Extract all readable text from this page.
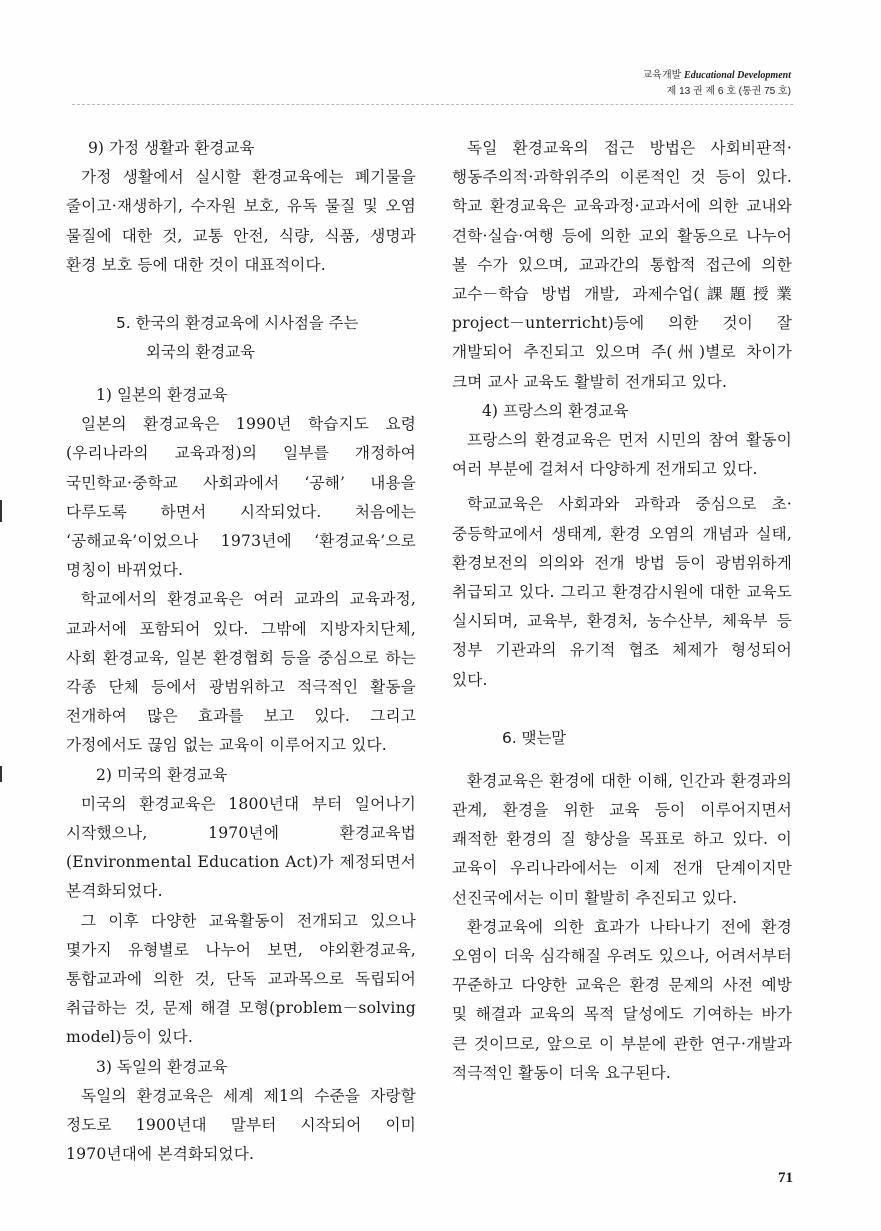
교육개발 Educational Development
제 13 권 제 6 호 (통권 75 호)

9) 가정 생활과 환경교육

가정 생활에서 실시할 환경교육에는 폐기물을 줄이고·재생하기, 수자원 보호, 유독 물질 및 오염 물질에 대한 것, 교통 안전, 식량, 식품, 생명과 환경 보호 등에 대한 것이 대표적이다.

5. 한국의 환경교육에 시사점을 주는
외국의 환경교육

1) 일본의 환경교육

일본의 환경교육은 1990년 학습지도 요령(우리나라의 교육과정)의 일부를 개정하여 국민학교·중학교 사회과에서 ‘공해’ 내용을 다루도록 하면서 시작되었다. 처음에는 ‘공해교육’이었으나 1973년에 ‘환경교육’으로 명칭이 바뀌었다.

학교에서의 환경교육은 여러 교과의 교육과정, 교과서에 포함되어 있다. 그밖에 지방자치단체, 사회 환경교육, 일본 환경협회 등을 중심으로 하는 각종 단체 등에서 광범위하고 적극적인 활동을 전개하여 많은 효과를 보고 있다. 그리고 가정에서도 끊임 없는 교육이 이루어지고 있다.

2) 미국의 환경교육

미국의 환경교육은 1800년대 부터 일어나기 시작했으나, 1970년에 환경교육법(Environmental Education Act)가 제정되면서 본격화되었다.

그 이후 다양한 교육활동이 전개되고 있으나 몇가지 유형별로 나누어 보면, 야외환경교육, 통합교과에 의한 것, 단독 교과목으로 독립되어 취급하는 것, 문제 해결 모형(problem－solving model)등이 있다.

3) 독일의 환경교육

독일의 환경교육은 세계 제1의 수준을 자랑할 정도로 1900년대 말부터 시작되어 이미 1970년대에 본격화되었다.

독일 환경교육의 접근 방법은 사회비판적·행동주의적·과학위주의 이론적인 것 등이 있다. 학교 환경교육은 교육과정·교과서에 의한 교내와 견학·실습·여행 등에 의한 교외 활동으로 나누어 볼 수가 있으며, 교과간의 통합적 접근에 의한 교수－학습 방법 개발, 과제수업(課題授業 project－unterricht)등에 의한 것이 잘 개발되어 추진되고 있으며 주(州)별로 차이가 크며 교사 교육도 활발히 전개되고 있다.

4) 프랑스의 환경교육

프랑스의 환경교육은 먼저 시민의 참여 활동이 여러 부분에 걸쳐서 다양하게 전개되고 있다.

학교교육은 사회과와 과학과 중심으로 초·중등학교에서 생태계, 환경 오염의 개념과 실태, 환경보전의 의의와 전개 방법 등이 광범위하게 취급되고 있다. 그리고 환경감시원에 대한 교육도 실시되며, 교육부, 환경처, 농수산부, 체육부 등 정부 기관과의 유기적 협조 체제가 형성되어 있다.

6. 맺는말

환경교육은 환경에 대한 이해, 인간과 환경과의 관계, 환경을 위한 교육 등이 이루어지면서 쾌적한 환경의 질 향상을 목표로 하고 있다. 이 교육이 우리나라에서는 이제 전개 단계이지만 선진국에서는 이미 활발히 추진되고 있다.

환경교육에 의한 효과가 나타나기 전에 환경 오염이 더욱 심각해질 우려도 있으나, 어려서부터 꾸준하고 다양한 교육은 환경 문제의 사전 예방 및 해결과 교육의 목적 달성에도 기여하는 바가 큰 것이므로, 앞으로 이 부분에 관한 연구·개발과 적극적인 활동이 더욱 요구된다.

71
